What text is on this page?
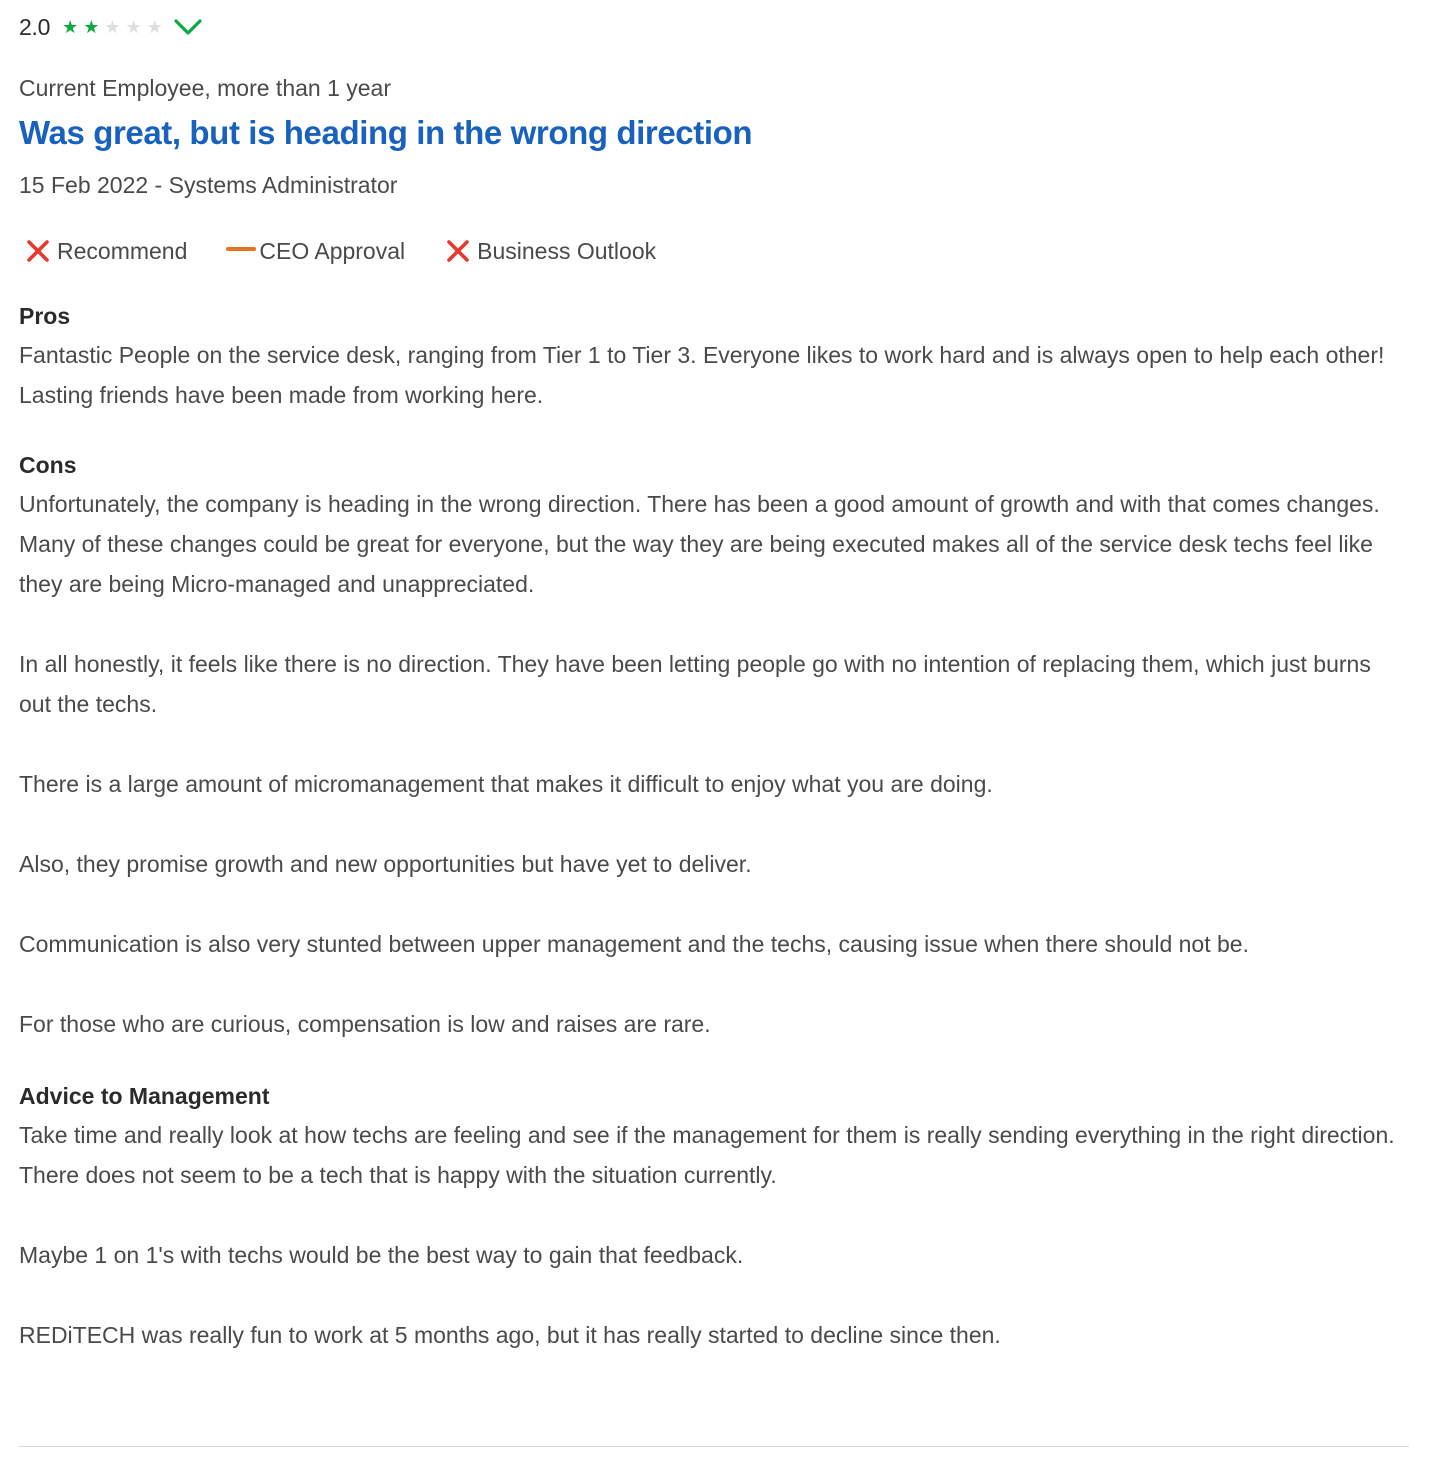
2.0 ★ ★ ★ ★ ★
Current Employee, more than 1 year
Was great, but is heading in the wrong direction
15 Feb 2022 - Systems Administrator
Recommend	CEO Approval	Business Outlook
Pros
Fantastic People on the service desk, ranging from Tier 1 to Tier 3. Everyone likes to work hard and is always open to help each other! Lasting friends have been made from working here.
Cons
Unfortunately, the company is heading in the wrong direction. There has been a good amount of growth and with that comes changes. Many of these changes could be great for everyone, but the way they are being executed makes all of the service desk techs feel like they are being Micro-managed and unappreciated.

In all honestly, it feels like there is no direction. They have been letting people go with no intention of replacing them, which just burns out the techs.

There is a large amount of micromanagement that makes it difficult to enjoy what you are doing.

Also, they promise growth and new opportunities but have yet to deliver.

Communication is also very stunted between upper management and the techs, causing issue when there should not be.

For those who are curious, compensation is low and raises are rare.
Advice to Management
Take time and really look at how techs are feeling and see if the management for them is really sending everything in the right direction. There does not seem to be a tech that is happy with the situation currently.

Maybe 1 on 1's with techs would be the best way to gain that feedback.

REDiTECH was really fun to work at 5 months ago, but it has really started to decline since then.
